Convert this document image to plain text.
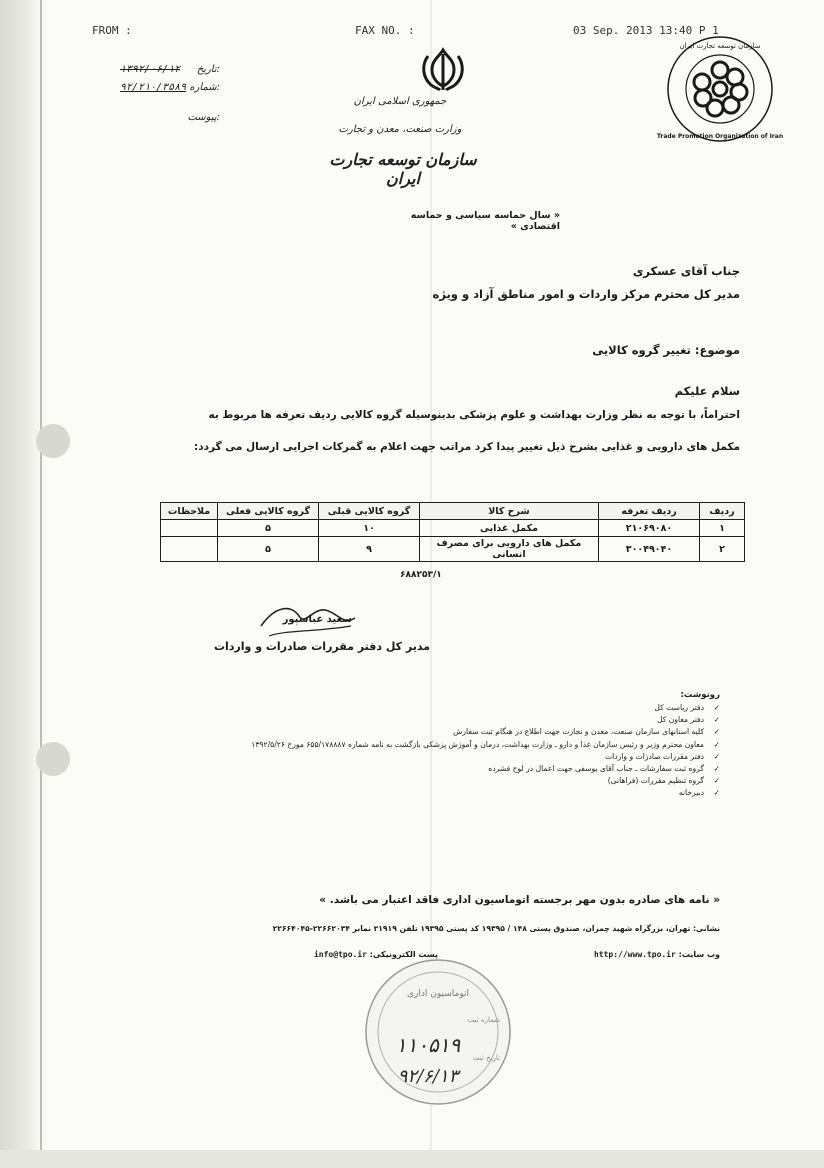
FROM :	FAX NO. :	03 Sep. 2013 13:40 P 1
جمهوری اسلامی ایران
وزارت صنعت، معدن و تجارت
سازمان توسعه تجارت ایران
سازمان توسعه تجارت ایران
Trade Promotion Organization of Iran
تاریخ:
۱۳۹۲/۰۶/۱۲
شماره:
۹۲/۲۱۰/۳۵۸۹
پیوست:
« سال حماسه سیاسی و حماسه اقتصادی »
جناب آقای عسکری
مدیر کل محترم مرکز واردات و امور مناطق آزاد و ویژه
موضوع: تغییر گروه کالایی
سلام علیکم
احتراماً، با توجه به نظر وزارت بهداشت و علوم پزشکی بدینوسیله گروه کالایی ردیف تعرفه ها مربوط به
مکمل های دارویی و غذایی بشرح ذیل تغییر پیدا کرد مراتب جهت اعلام به گمرکات اجرایی ارسال می گردد:
ردیف	ردیف تعرفه	شرح کالا	گروه کالایی قبلی	گروه کالایی فعلی	ملاحظات
۱	۲۱۰۶۹۰۸۰	مکمل غذایی	۱۰	۵	
۲	۳۰۰۴۹۰۴۰	مکمل های دارویی برای مصرف انسانی	۹	۵	
۶۸۸۲۵۳/۱
سعید عباسپور
مدیر کل دفتر مقررات صادرات و واردات
رونوشت:
✓دفتر ریاست کل
✓دفتر معاون کل
✓کلیه استانهای سازمان صنعت، معدن و تجارت جهت اطلاع در هنگام ثبت سفارش
✓معاون محترم وزیر و رئیس سازمان غذا و دارو ـ وزارت بهداشت، درمان و آموزش پزشکی بازگشت به نامه شماره ۶۵۵/۱۷۸۸۸۷ مورخ ۱۳۹۲/۵/۲۶
✓دفتر مقررات صادرات و واردات
✓گروه ثبت سفارشات ـ جناب آقای یوسفی جهت اعمال در لوح فشرده
✓گروه تنظیم مقررات (فراهانی)
✓دبیرخانه
« نامه های صادره بدون مهر برجسته اتوماسیون اداری فاقد اعتبار می باشد. »
نشانی: تهران، بزرگراه شهید چمران، صندوق پستی ۱۴۸ / ۱۹۳۹۵ کد پستی ۱۹۳۹۵ تلفن ۲۱۹۱۹ نمابر ۲۲۶۶۲۰۳۴-۲۲۶۶۴۰۴۵
وب سایت: http://www.tpo.ir
پست الکترونیکی: info@tpo.ir
اتوماسیون اداری
شماره ثبت
تاریخ ثبت
۱۱۰۵۱۹
۹۲/۶/۱۳
